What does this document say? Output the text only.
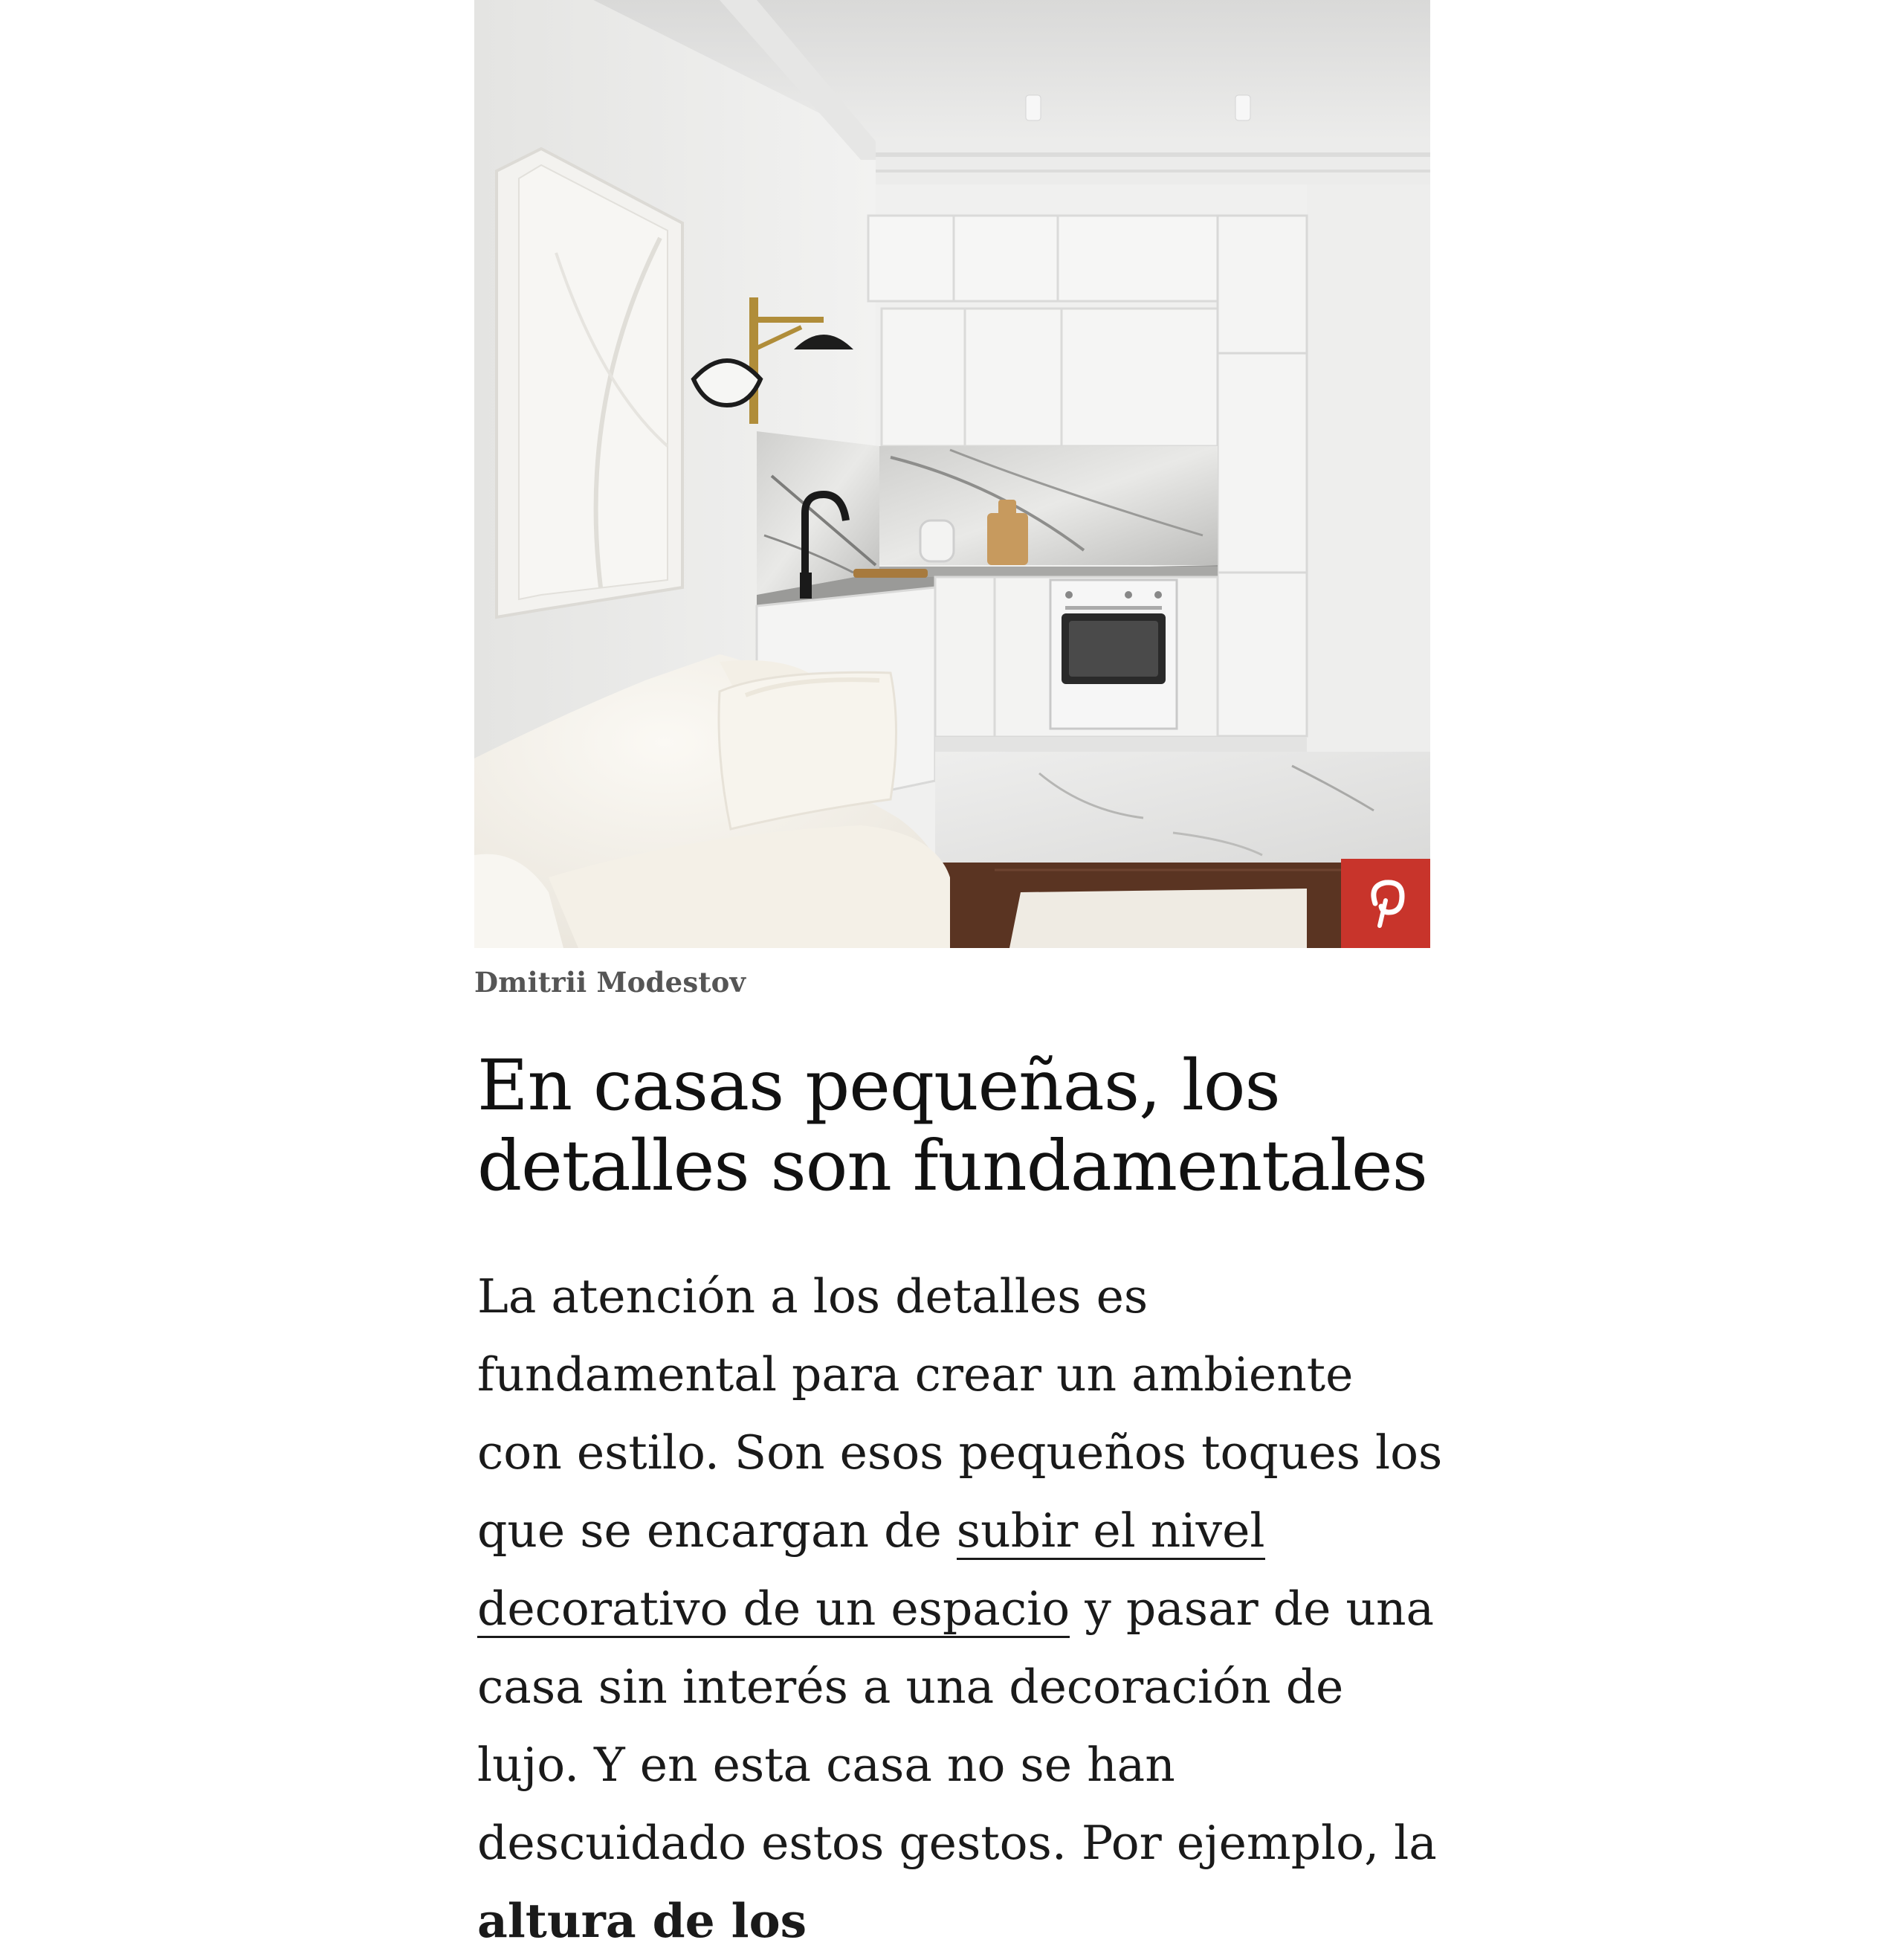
Dmitrii Modestov
En casas pequeñas, los
detalles son fundamentales

La atención a los detalles es fundamental para crear un ambiente con estilo. Son esos pequeños toques los que se encargan de subir el nivel decorativo de un espacio y pasar de una casa sin interés a una decoración de lujo. Y en esta casa no se han descuidado estos gestos. Por ejemplo, la altura de los
